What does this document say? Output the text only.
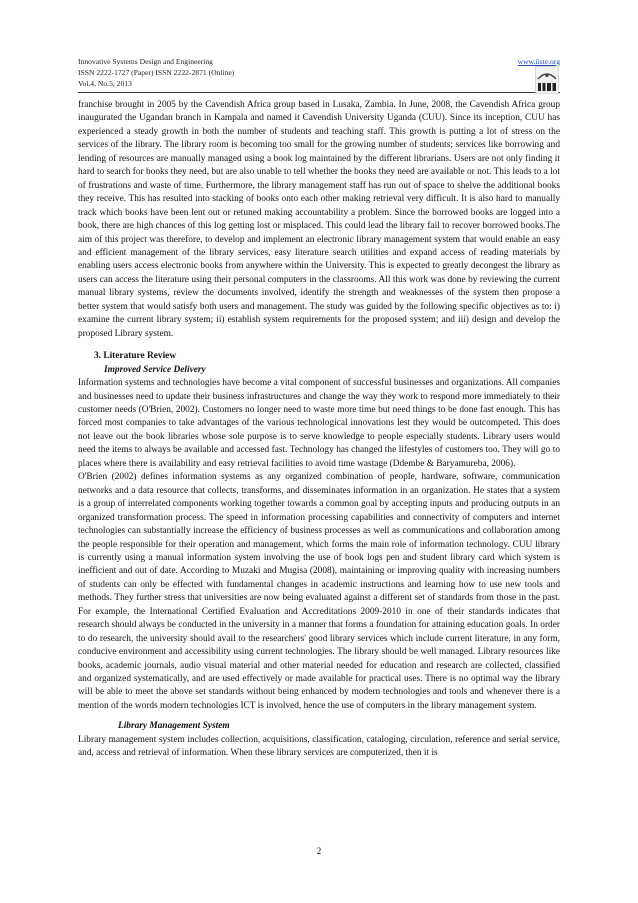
Innovative Systems Design and Engineering	www.iiste.org
ISSN 2222-1727 (Paper) ISSN 2222-2871 (Online)
Vol.4, No.5, 2013

franchise brought in 2005 by the Cavendish Africa group based in Lusaka, Zambia. In June, 2008, the Cavendish Africa group inaugurated the Ugandan branch in Kampala and named it Cavendish University Uganda (CUU). Since its inception, CUU has experienced a steady growth in both the number of students and teaching staff. This growth is putting a lot of stress on the services of the library. The library room is becoming too small for the growing number of students; services like borrowing and lending of resources are manually managed using a book log maintained by the different librarians. Users are not only finding it hard to search for books they need, but are also unable to tell whether the books they need are available or not. This leads to a lot of frustrations and waste of time. Furthermore, the library management staff has run out of space to shelve the additional books they receive. This has resulted into stacking of books onto each other making retrieval very difficult. It is also hard to manually track which books have been lent out or retuned making accountability a problem. Since the borrowed books are logged into a book, there are high chances of this log getting lost or misplaced. This could lead the library fail to recover borrowed books.The aim of this project was therefore, to develop and implement an electronic library management system that would enable an easy and efficient management of the library services, easy literature search utilities and expand access of reading materials by enabling users access electronic books from anywhere within the University. This is expected to greatly decongest the library as users can access the literature using their personal computers in the classrooms. All this work was done by reviewing the current manual library systems, review the documents involved, identify the strength and weaknesses of the system then propose a better system that would satisfy both users and management. The study was guided by the following specific objectives as to: i) examine the current library system; ii) establish system requirements for the proposed system; and iii) design and develop the proposed Library system.

3. Literature Review

Improved Service Delivery

Information systems and technologies have become a vital component of successful businesses and organizations. All companies and businesses need to update their business infrastructures and change the way they work to respond more immediately to their customer needs (O'Brien, 2002). Customers no longer need to waste more time but need things to be done fast enough. This has forced most companies to take advantages of the various technological innovations lest they would be outcompeted. This does not leave out the book libraries whose sole purpose is to serve knowledge to people especially students. Library users would need the items to always be available and accessed fast. Technology has changed the lifestyles of customers too. They will go to places where there is availability and easy retrieval facilities to avoid time wastage (Ddembe & Baryamureba, 2006).

O'Brien (2002) defines information systems as any organized combination of people, hardware, software, communication networks and a data resource that collects, transforms, and disseminates information in an organization. He states that a system is a group of interrelated components working together towards a common goal by accepting inputs and producing outputs in an organized transformation process. The speed in information processing capabilities and connectivity of computers and internet technologies can substantially increase the efficiency of business processes as well as communications and collaboration among the people responsible for their operation and management, which forms the main role of information technology. CUU library is currently using a manual information system involving the use of book logs pen and student library card which system is inefficient and out of date. According to Muzaki and Mugisa (2008), maintaining or improving quality with increasing numbers of students can only be effected with fundamental changes in academic instructions and learning how to use new tools and methods. They further stress that universities are now being evaluated against a different set of standards from those in the past. For example, the International Certified Evaluation and Accreditations 2009-2010 in one of their standards indicates that research should always be conducted in the university in a manner that forms a foundation for attaining education goals. In order to do research, the university should avail to the researchers' good library services which include current literature, in any form, conducive environment and accessibility using current technologies. The library should be well managed. Library resources like books, academic journals, audio visual material and other material needed for education and research are collected, classified and organized systematically, and are used effectively or made available for practical uses. There is no optimal way the library will be able to meet the above set standards without being enhanced by modern technologies and tools and whenever there is a mention of the words modern technologies ICT is involved, hence the use of computers in the library management system.

Library Management System

Library management system includes collection, acquisitions, classification, cataloging, circulation, reference and serial service, and, access and retrieval of information. When these library services are computerized, then it is

2
